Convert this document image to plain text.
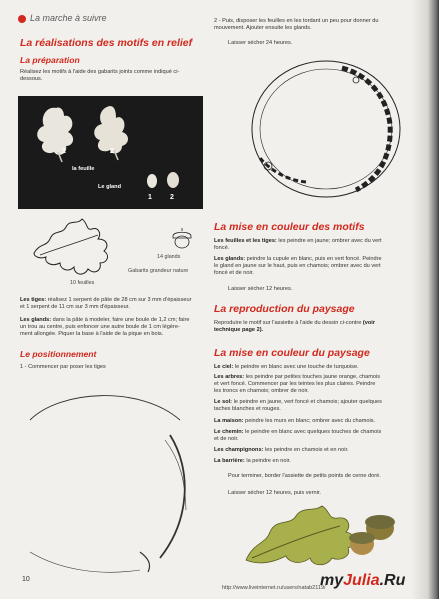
La marche à suivre
La réalisations des motifs en relief
La préparation
Réalisez les motifs à l'aide des gabarits joints comme indiqué ci-
dessous.
1	2
la feuille
Le gland
1	2
14 glands
Gabarits grandeur nature
10 feuilles
Les tiges: réalisez 1 serpent de pâte de 28 cm sur 3 mm d'épaisseur
et 1 serpent de 11 cm sur 3 mm d'épaisseur.
Les glands: dans la pâte à modeler, faire une boule de 1,2 cm; faire
un trou au centre, puis enfoncer une autre boule de 1 cm légère-
ment allongée. Piquer la base à l'aide de la pique en bois.
Le positionnement
1 - Commencer par poser les tiges
2 - Puis, disposer les feuilles en les tordant un peu pour donner du
mouvement. Ajouter ensuite les glands.
Laisser sécher 24 heures.
La mise en couleur des motifs
Les feuilles et les tiges: les peindre en jaune; ombrer avec du vert
foncé.
Les glands: peindre la cupule en blanc, puis en vert foncé. Peindre
le gland en jaune sur le haut, puis en chamois; ombrer avec du vert
foncé et de noir.
Laisser sécher 12 heures.
La reproduction du paysage
Reproduire le motif sur l'assiette à l'aide du dessin ci-contre (voir
technique page 2).
La mise en couleur du paysage
Le ciel: le peindre en blanc avec une touche de turquoise.
Les arbres: les peindre par petites touches jaune orange, chamois
et vert foncé. Commencer par les teintes les plus claires. Peindre
les troncs en chamois; ombrer de noir.
Le sol: le peindre en jaune, vert foncé et chamois; ajouter quelques
taches blanches et rouges.
La maison: peindre les murs en blanc; ombrer avec du chamois.
Le chemin: le peindre en blanc avec quelques touches de chamois
et de noir.
Les champignons: les peindre en chamois et en noir.
La barrière: la peindre en noir.
Pour terminer, border l'assiette de petits points de cerne doré.
Laisser sécher 12 heures, puis vernir.
10	myJulia.Ru
http://www.liveinternet.ru/users/natab2119/
